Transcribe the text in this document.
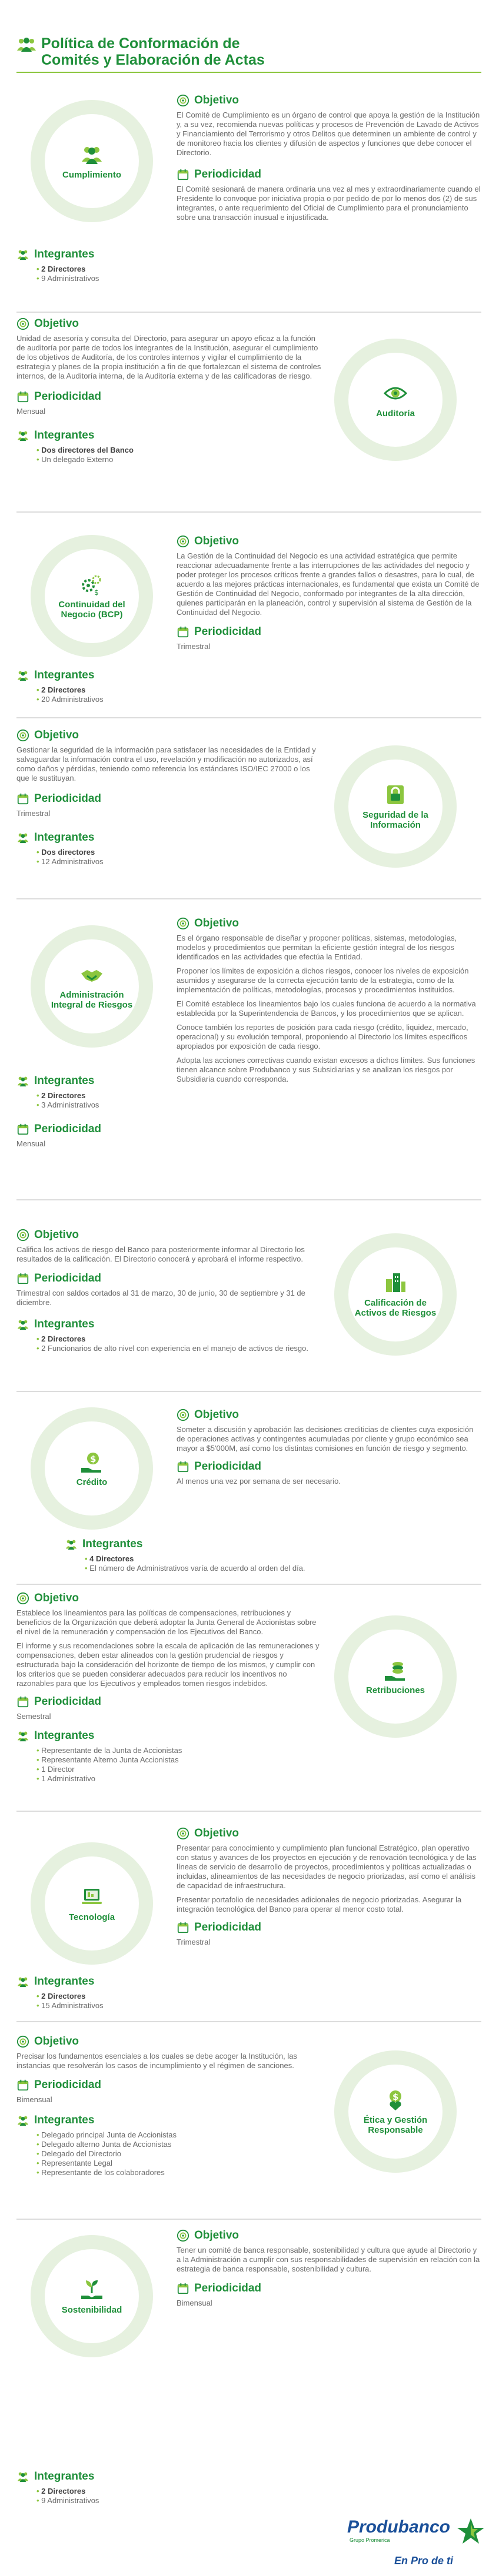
Política de Conformación de
Comités y Elaboración de Actas
Cumplimiento
Objetivo

El Comité de Cumplimiento es un órgano de control que apoya la gestión de la Institución y, a su vez, recomienda nuevas políticas y procesos de Prevención de Lavado de Activos y Financiamiento del Terrorismo y otros Delitos que determinen un ambiente de control y de monitoreo hacia los clientes y difusión de aspectos y funciones que debe conocer el Directorio.

Periodicidad

El Comité sesionará de manera ordinaria una vez al mes y extraordinariamente cuando el Presidente lo convoque por iniciativa propia o por pedido de por lo menos dos (2) de sus integrantes, o ante requerimiento del Oficial de Cumplimiento para el pronunciamiento sobre una transacción inusual e injustificada.

Integrantes
• 2 Directores
• 9 Administrativos
Objetivo

Unidad de asesoría y consulta del Directorio, para asegurar un apoyo eficaz a la función de auditoría por parte de todos los integrantes de la Institución, asegurar el cumplimiento de los objetivos de Auditoría, de los controles internos y vigilar el cumplimiento de la estrategia y planes de la propia institución a fin de que fortalezcan el sistema de controles internos, de la Auditoría interna, de la Auditoría externa y de las calificadoras de riesgo.

Periodicidad

Mensual

Integrantes
• Dos directores del Banco
• Un delegado Externo
Auditoría
Continuidad del Negocio (BCP)
Objetivo

La Gestión de la Continuidad del Negocio es una actividad estratégica que permite reaccionar adecuadamente frente a las interrupciones de las actividades del negocio y poder proteger los procesos críticos frente a grandes fallos o desastres, para lo cual, de acuerdo a las mejores prácticas internacionales, es fundamental que exista un Comité de Gestión de Continuidad del Negocio, conformado por integrantes de la alta dirección, quienes participarán en la planeación, control y supervisión al sistema de Gestión de la Continuidad del Negocio.

Periodicidad

Trimestral

Integrantes
• 2 Directores
• 20 Administrativos
Objetivo

Gestionar la seguridad de la información para satisfacer las necesidades de la Entidad y salvaguardar la información contra el uso, revelación y modificación no autorizados, así como daños y pérdidas, teniendo como referencia los estándares ISO/IEC 27000 o los que le sustituyan.

Periodicidad

Trimestral

Integrantes
• Dos directores
• 12 Administrativos
Seguridad de la Información
Administración Integral de Riesgos
Objetivo

Es el órgano responsable de diseñar y proponer políticas, sistemas, metodologías, modelos y procedimientos que permitan la eficiente gestión integral de los riesgos identificados en las actividades que efectúa la Entidad.

Proponer los límites de exposición a dichos riesgos, conocer los niveles de exposición asumidos y asegurarse de la correcta ejecución tanto de la estrategia, como de la implementación de políticas, metodologías, procesos y procedimientos instituidos.

El Comité establece los lineamientos bajo los cuales funciona de acuerdo a la normativa establecida por la Superintendencia de Bancos, y los procedimientos que se aplican.

Conoce también los reportes de posición para cada riesgo (crédito, liquidez, mercado, operacional) y su evolución temporal, proponiendo al Directorio los límites específicos apropiados por exposición de cada riesgo.

Adopta las acciones correctivas cuando existan excesos a dichos límites. Sus funciones tienen alcance sobre Produbanco y sus Subsidiarias y se analizan los riesgos por Subsidiaria cuando corresponda.

Integrantes
• 2 Directores
• 3 Administrativos
Periodicidad

Mensual

Objetivo

Califica los activos de riesgo del Banco para posteriormente informar al Directorio los resultados de la calificación. El Directorio conocerá y aprobará el informe respectivo.

Periodicidad

Trimestral con saldos cortados al 31 de marzo, 30 de junio, 30 de septiembre y 31 de diciembre.

Integrantes
• 2 Directores
• 2 Funcionarios de alto nivel con experiencia en el manejo de activos de riesgo.
Calificación de Activos de Riesgos
Crédito
Objetivo

Someter a discusión y aprobación las decisiones crediticias de clientes cuya exposición de operaciones activas y contingentes acumuladas por cliente y grupo económico sea mayor a $5'000M, así como los distintas comisiones en función de riesgo y segmento.

Periodicidad

Al menos una vez por semana de ser necesario.

Integrantes
• 4 Directores
• El número de Administrativos varía de acuerdo al orden del día.
Objetivo

Establece los lineamientos para las políticas de compensaciones, retribuciones y beneficios de la Organización que deberá adoptar la Junta General de Accionistas sobre el nivel de la remuneración y compensación de los Ejecutivos del Banco.

El informe y sus recomendaciones sobre la escala de aplicación de las remuneraciones y compensaciones, deben estar alineados con la gestión prudencial de riesgos y estructurada bajo la consideración del horizonte de tiempo de los mismos, y cumplir con los criterios que se pueden considerar adecuados para reducir los incentivos no razonables para que los Ejecutivos y empleados tomen riesgos indebidos.

Periodicidad

Semestral

Integrantes
• Representante de la Junta de Accionistas
• Representante Alterno Junta Accionistas
• 1 Director
• 1 Administrativo
Retribuciones
Tecnología
Objetivo

Presentar para conocimiento y cumplimiento plan funcional Estratégico, plan operativo con status y avances de los proyectos en ejecución y de renovación tecnológica y de las líneas de servicio de desarrollo de proyectos, procedimientos y políticas actualizadas o incluidas, alineamientos de las necesidades de negocio priorizadas, así como el análisis de capacidad de infraestructura.

Presentar portafolio de necesidades adicionales de negocio priorizadas. Asegurar la integración tecnológica del Banco para operar al menor costo total.

Periodicidad

Trimestral

Integrantes
• 2 Directores
• 15 Administrativos
Objetivo

Precisar los fundamentos esenciales a los cuales se debe acoger la Institución, las instancias que resolverán los casos de incumplimiento y el régimen de sanciones.

Periodicidad

Bimensual

Integrantes
• Delegado principal Junta de Accionistas
• Delegado alterno Junta de Accionistas
• Delegado del Directorio
• Representante Legal
• Representante de los colaboradores
Ética y Gestión Responsable
Sostenibilidad
Objetivo

Tener un comité de banca responsable, sostenibilidad y cultura que ayude al Directorio y a la Administración a cumplir con sus responsabilidades de supervisión en relación con la estrategia de banca responsable, sostenibilidad y cultura.

Periodicidad

Bimensual

Integrantes
• 2 Directores
• 9 Administrativos
Produbanco
Grupo Promerica
En Pro de ti
